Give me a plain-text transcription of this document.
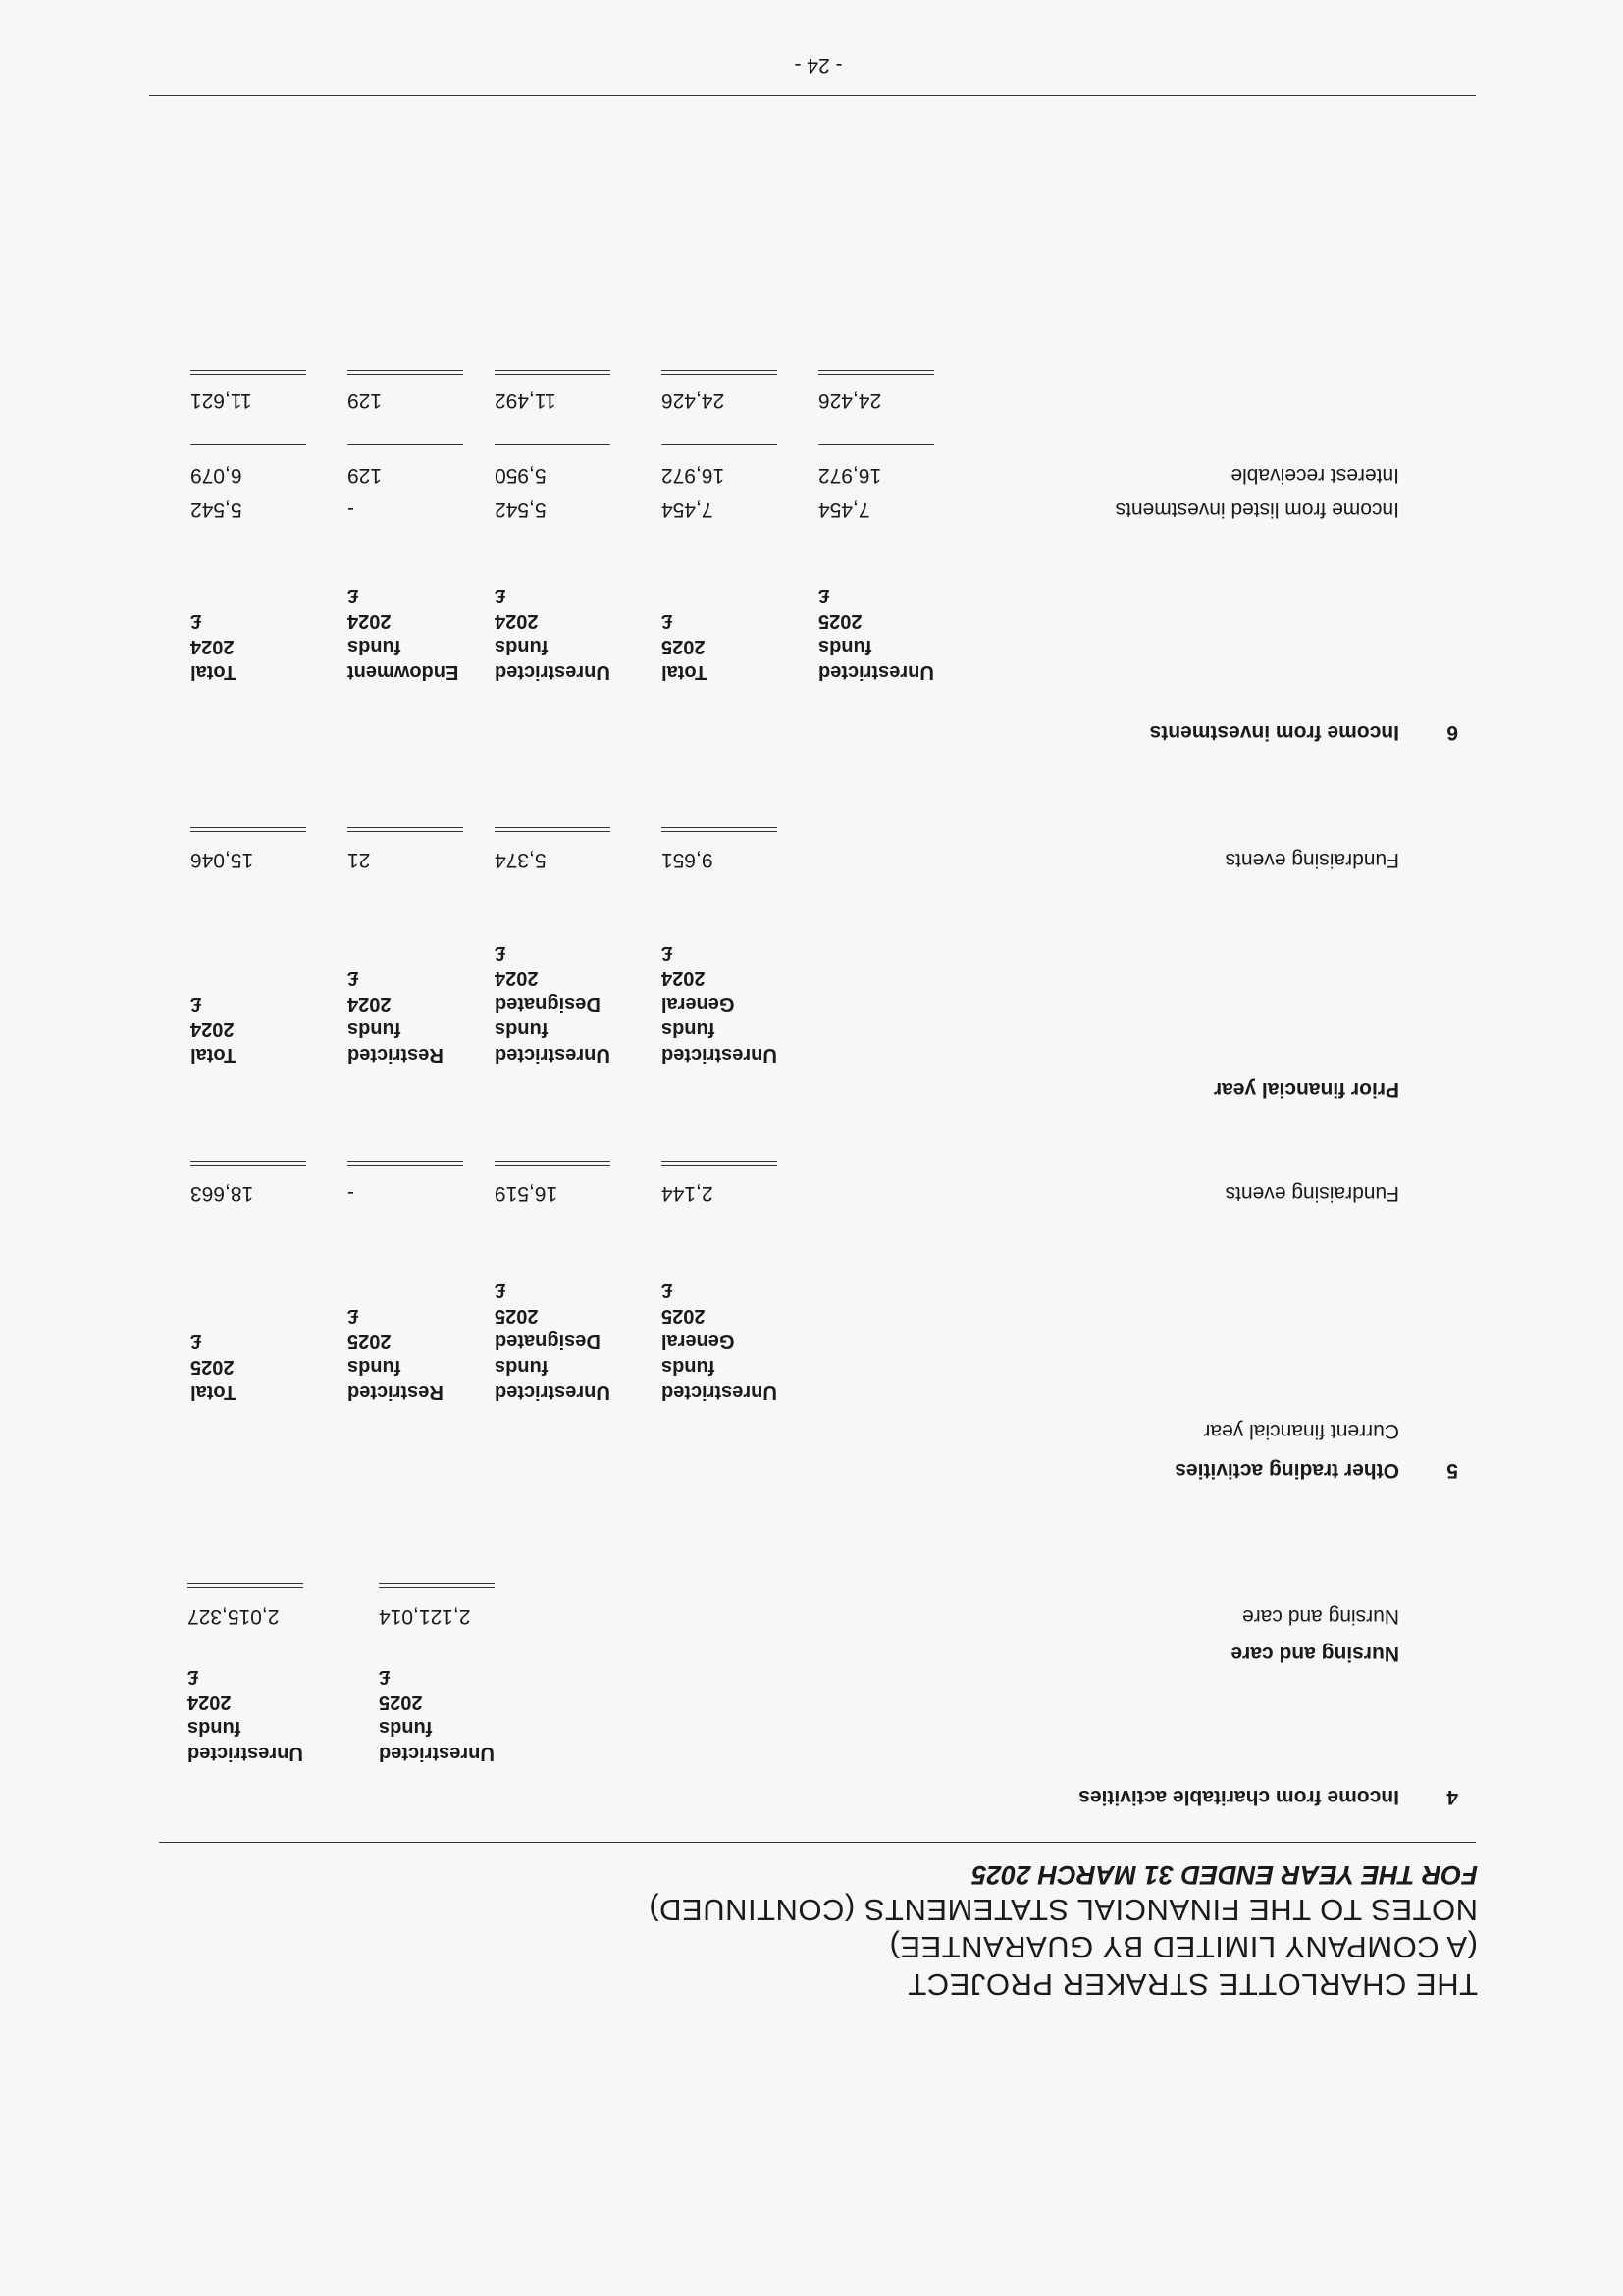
THE CHARLOTTE STRAKER PROJECT
(A COMPANY LIMITED BY GUARANTEE)
NOTES TO THE FINANCIAL STATEMENTS (CONTINUED)
FOR THE YEAR ENDED 31 MARCH 2025
4
Income from charitable activities
Unrestricted
funds
2025
£
Unrestricted
funds
2024
£
Nursing and care
Nursing and care
2,121,014
2,015,327
5
Other trading activities
Current financial year
Unrestricted
funds
General
2025
£
Unrestricted
funds
Designated
2025
£
Restricted
funds
2025
£
Total
2025
£
Fundraising events
2,144
16,519
-
18,663
Prior financial year
Unrestricted
funds
General
2024
£
Unrestricted
funds
Designated
2024
£
Restricted
funds
2024
£
Total
2024
£
Fundraising events
9,651
5,374
21
15,046
6
Income from investments
Unrestricted
funds
2025
£
Total
2025
£
Unrestricted
funds
2024
£
Endowment
funds
2024
£
Total
2024
£
Income from listed investments
7,454
7,454
5,542
-
5,542
Interest receivable
16,972
16,972
5,950
129
6,079
24,426
24,426
11,492
129
11,621
- 24 -
